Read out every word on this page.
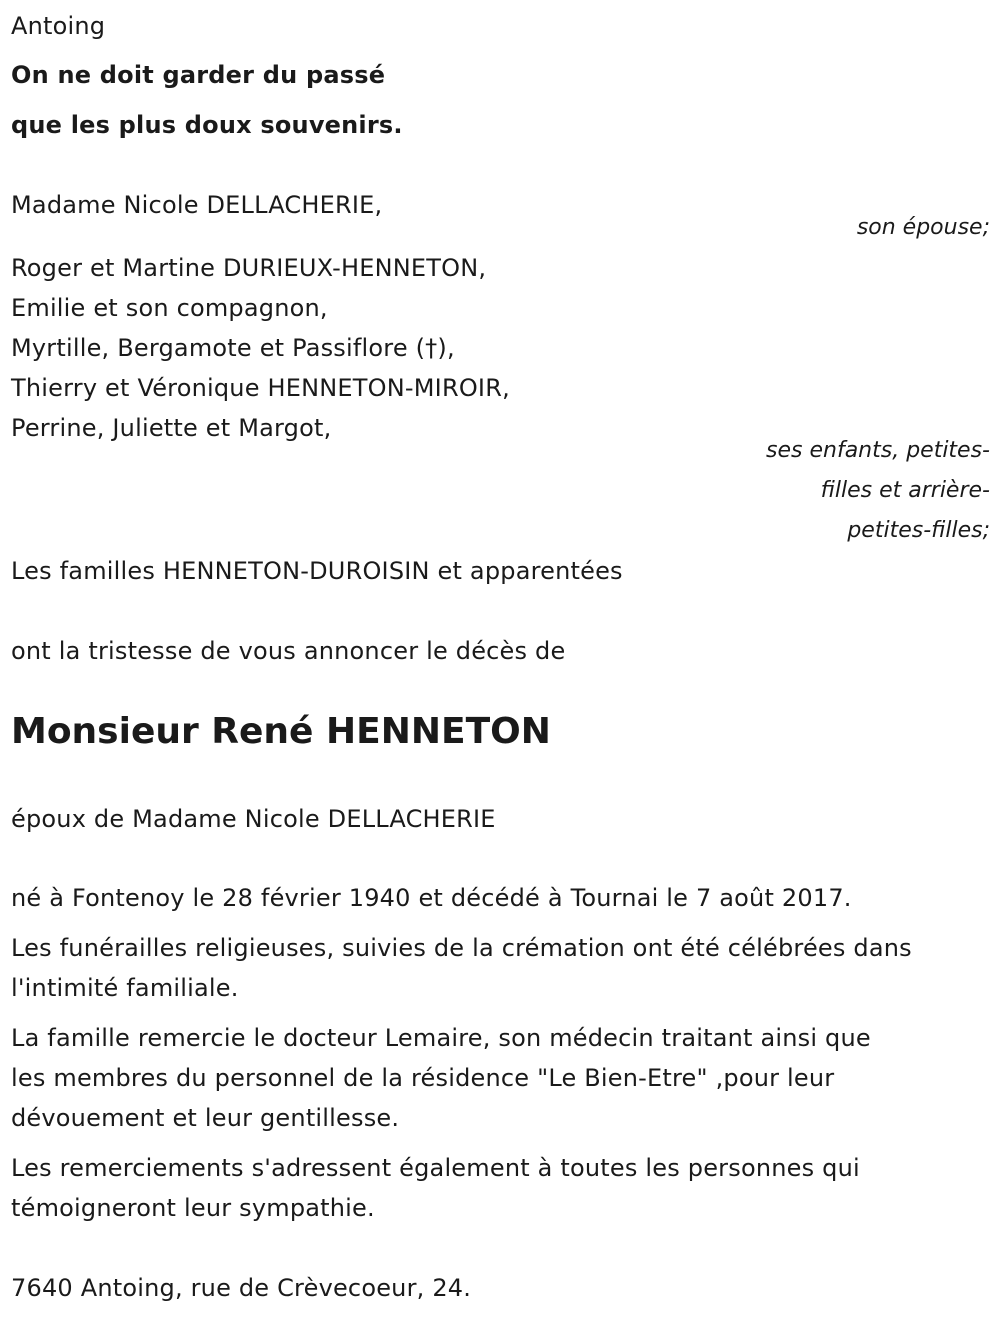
Antoing
On ne doit garder du passé
que les plus doux souvenirs.
Madame Nicole DELLACHERIE,
son épouse;
Roger et Martine DURIEUX-HENNETON,
Emilie et son compagnon,
Myrtille, Bergamote et Passiflore (†),
Thierry et Véronique HENNETON-MIROIR,
Perrine, Juliette et Margot,
ses enfants, petites-
filles et arrière-
petites-filles;
Les familles HENNETON-DUROISIN et apparentées
ont la tristesse de vous annoncer le décès de
Monsieur René HENNETON
époux de Madame Nicole DELLACHERIE
né à Fontenoy le 28 février 1940 et décédé à Tournai le 7 août 2017.
Les funérailles religieuses, suivies de la crémation ont été célébrées dans
l'intimité familiale.
La famille remercie le docteur Lemaire, son médecin traitant ainsi que
les membres du personnel de la résidence "Le Bien-Etre" ,pour leur
dévouement et leur gentillesse.
Les remerciements s'adressent également à toutes les personnes qui
témoigneront leur sympathie.
7640 Antoing, rue de Crèvecoeur, 24.
